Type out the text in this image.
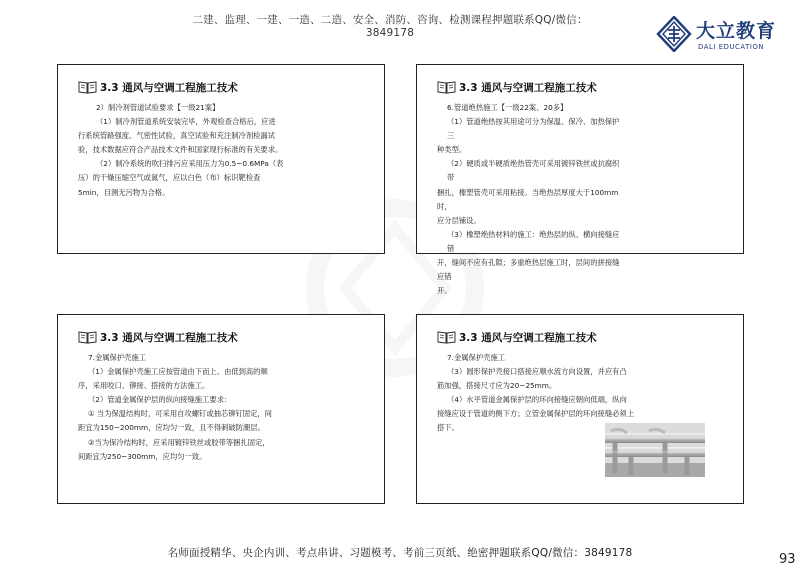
二建、监理、一建、一造、二造、安全、消防、咨询、检测课程押题联系QQ/微信：3849178	大立教育
DALI EDUCATION
3.3 通风与空调工程施工技术

2）制冷剂管道试验要求【一级21案】

（1）制冷剂管道系统安装完毕，外观检查合格后，应进

行系统管路强度、气密性试验，真空试验和充注制冷剂检漏试

验，技术数据应符合产品技术文件和国家现行标准的有关要求。

（2）制冷系统的吹扫排污应采用压力为0.5~0.6MPa（表

压）的干燥压缩空气或氮气，应以白色（布）标识靶检查

5min，目测无污物为合格。

3.3 通风与空调工程施工技术

6.管道绝热施工【一级22案、20多】

（1）管道绝热按其用途可分为保温、保冷、加热保护三

种类型。

（2）硬质或半硬质绝热管壳可采用镀锌铁丝或抗腐织带

捆扎，橡塑管壳可采用粘接。当绝热层厚度大于100mm时，

应分层铺设。

（3）橡塑绝热材料的施工：绝热层的纵、横向接缝应错

开，缝间不应有孔隙；多重绝热层施工时，层间的拼接缝应错

开。

3.3 通风与空调工程施工技术

7.金属保护壳施工

（1）金属保护壳施工应按管道由下而上、由低到高的顺

序，采用咬口、铆接、搭接的方法施工。

（2）管道金属保护层的纵向接缝施工要求：

① 当为保温结构时，可采用自攻螺钉或抽芯铆钉固定，间

距宜为150~200mm，应均匀一致，且不得刺破防潮层。

②当为保冷结构时，应采用镀锌铁丝或胶带等捆扎固定，

间距宜为250~300mm，应均匀一致。

3.3 通风与空调工程施工技术

7.金属保护壳施工

（3）圆形保护壳接口搭接应顺水流方向设置，并应有凸

筋加强，搭接尺寸应为20~25mm。

（4）水平管道金属保护层的环向接缝应朝向低端，纵向

接缝应设于管道的侧下方；立管金属保护层的环向接缝必须上

搭下。

名师面授精华、央企内训、考点串讲、习题模考、考前三页纸、绝密押题联系QQ/微信：3849178	93
